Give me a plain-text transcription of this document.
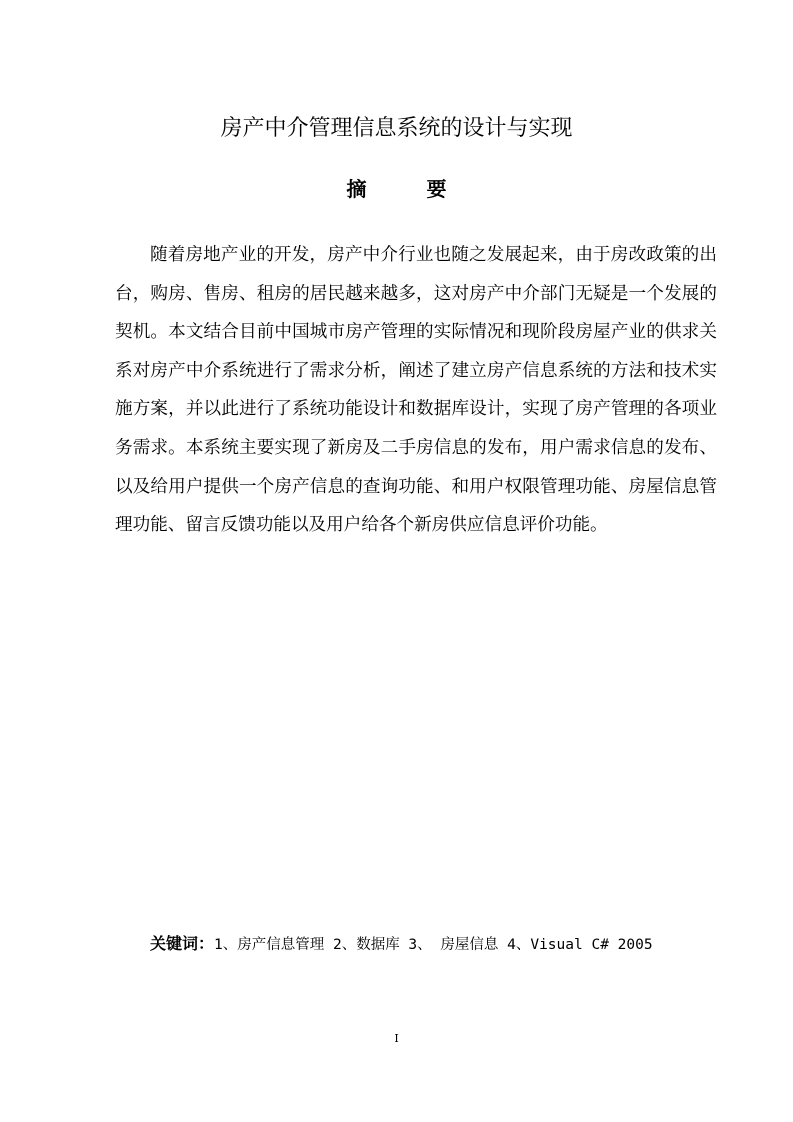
房产中介管理信息系统的设计与实现
摘要

随着房地产业的开发，房产中介行业也随之发展起来，由于房改政策的出台，购房、售房、租房的居民越来越多，这对房产中介部门无疑是一个发展的契机。本文结合目前中国城市房产管理的实际情况和现阶段房屋产业的供求关系对房产中介系统进行了需求分析，阐述了建立房产信息系统的方法和技术实施方案，并以此进行了系统功能设计和数据库设计，实现了房产管理的各项业务需求。本系统主要实现了新房及二手房信息的发布，用户需求信息的发布、以及给用户提供一个房产信息的查询功能、和用户权限管理功能、房屋信息管理功能、留言反馈功能以及用户给各个新房供应信息评价功能。

关键词：1、房产信息管理 2、数据库 3、 房屋信息 4、Visual C# 2005
I
